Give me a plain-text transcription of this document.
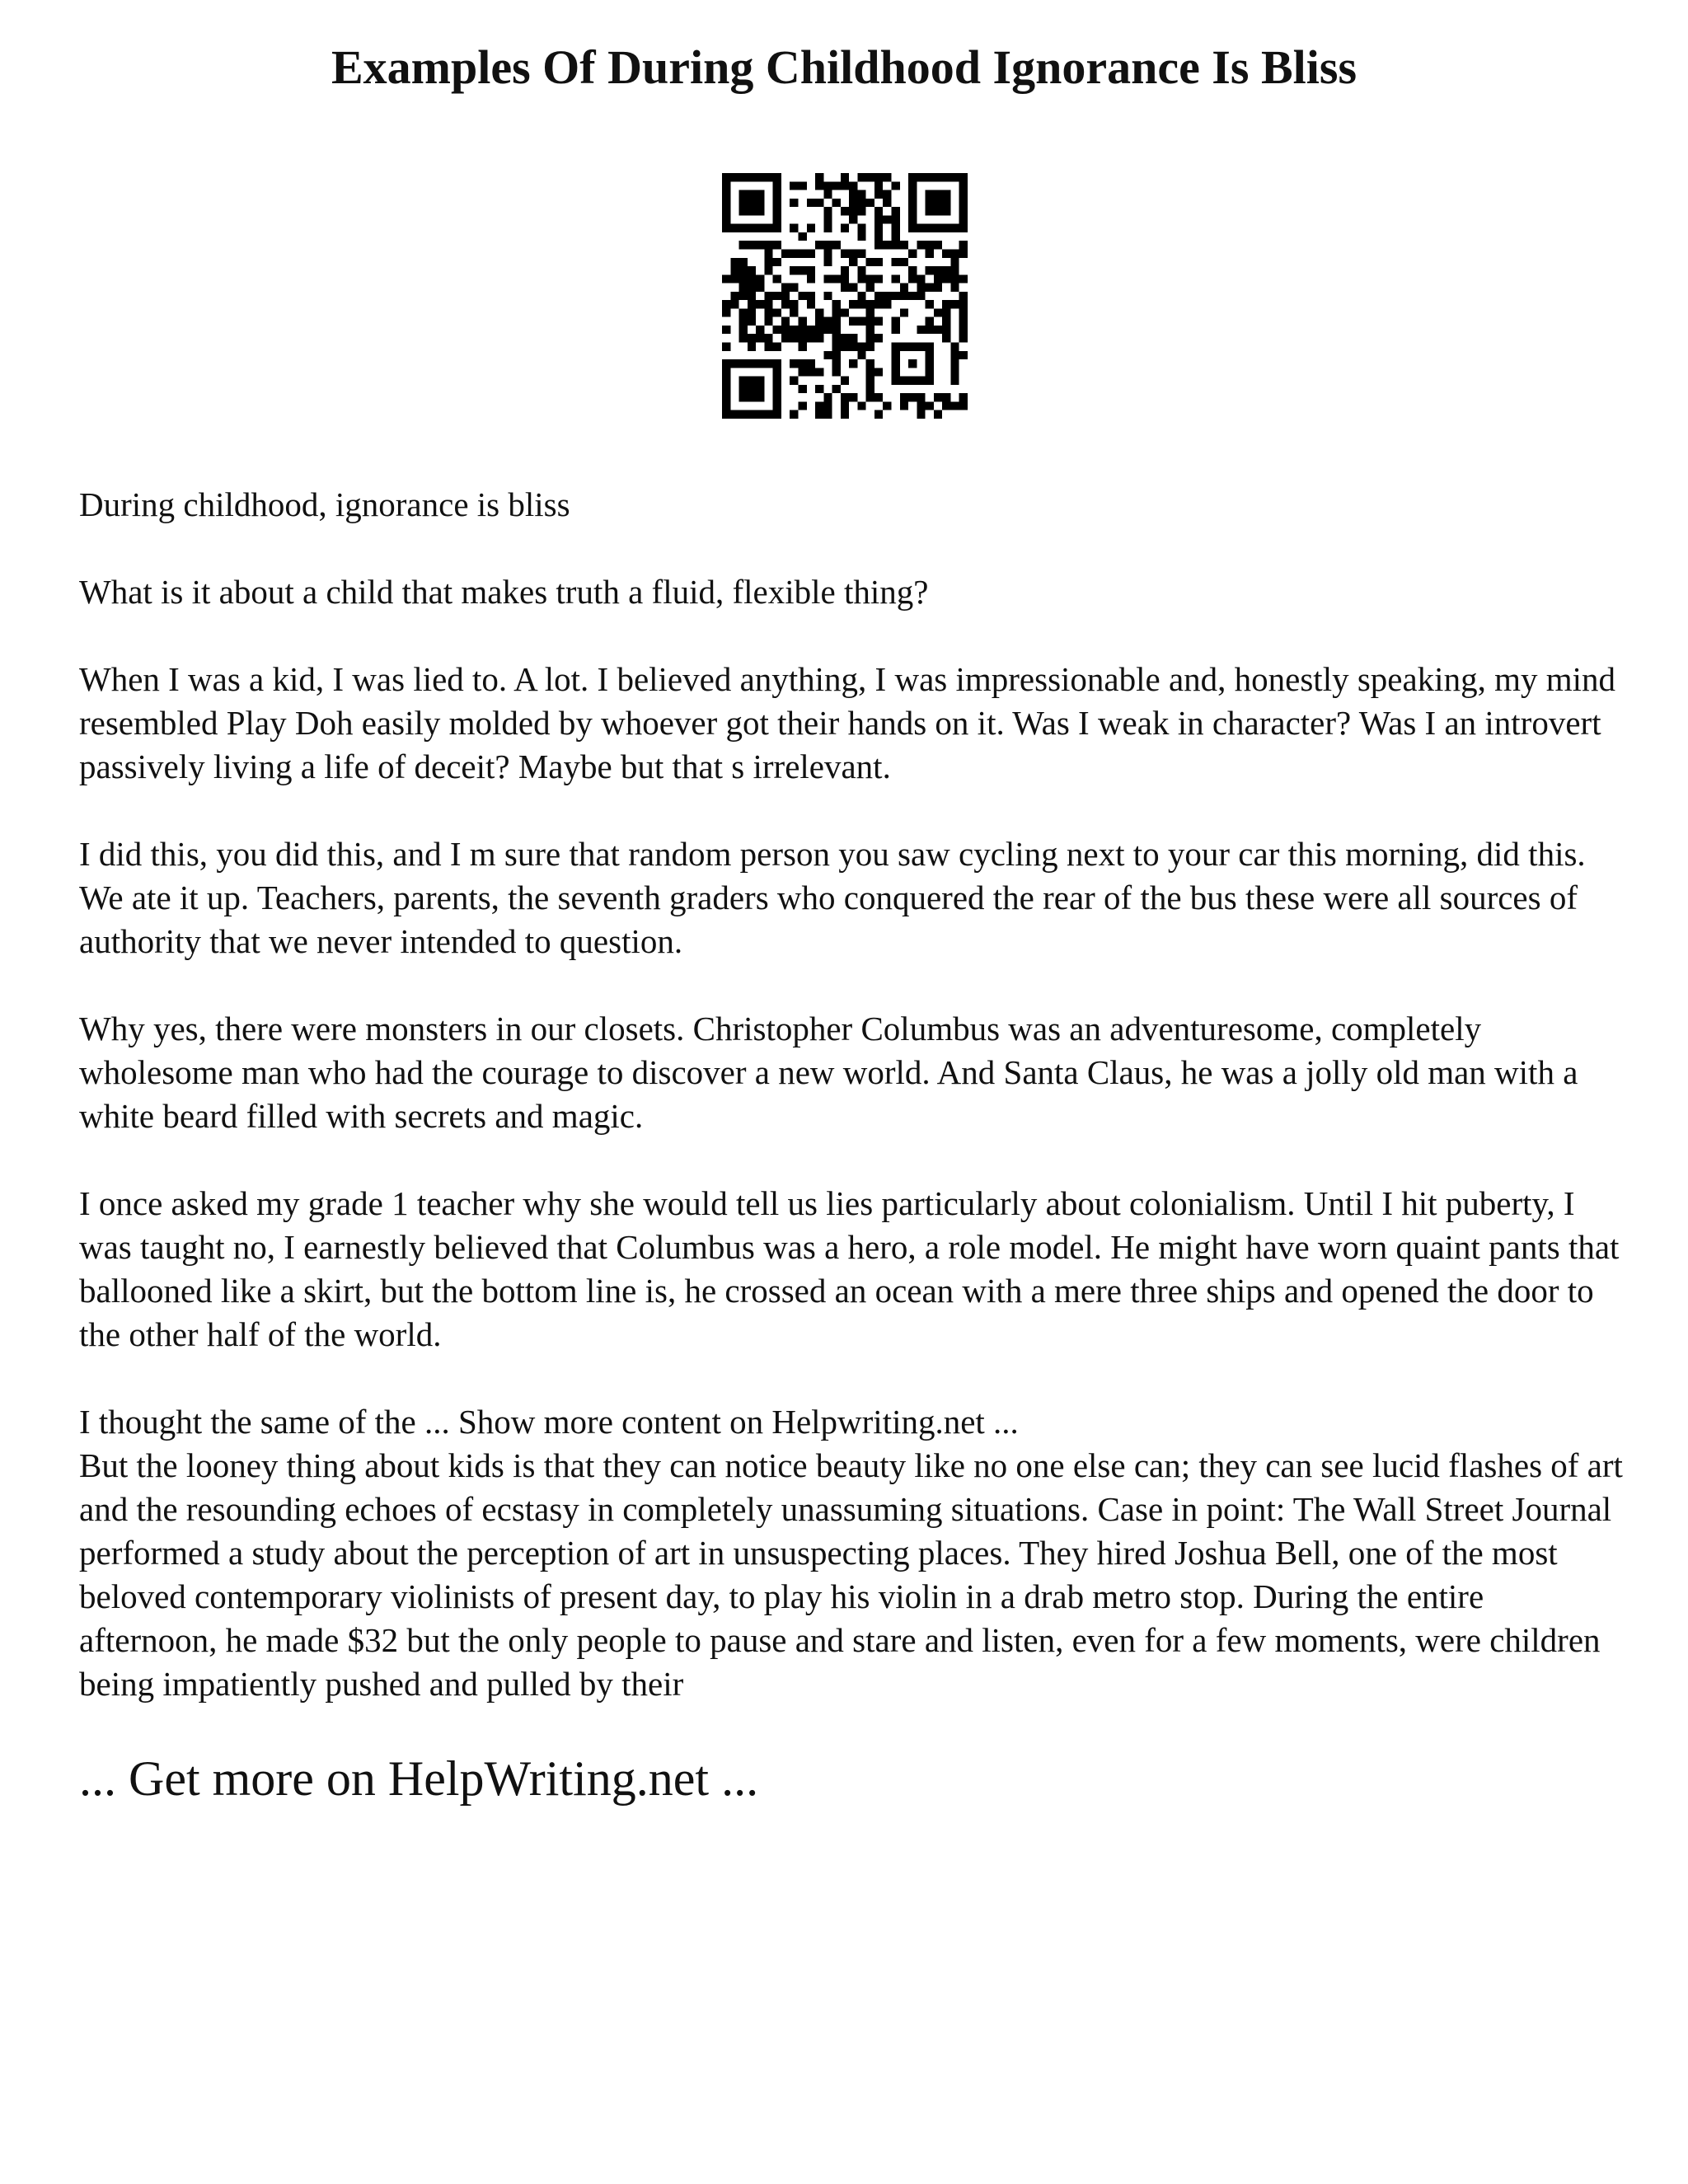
Examples Of During Childhood Ignorance Is Bliss

During childhood, ignorance is bliss

What is it about a child that makes truth a fluid, flexible thing?

When I was a kid, I was lied to. A lot. I believed anything, I was impressionable and, honestly speaking, my mind resembled Play Doh easily molded by whoever got their hands on it. Was I weak in character? Was I an introvert passively living a life of deceit? Maybe but that s irrelevant.

I did this, you did this, and I m sure that random person you saw cycling next to your car this morning, did this. We ate it up. Teachers, parents, the seventh graders who conquered the rear of the bus these were all sources of authority that we never intended to question.

Why yes, there were monsters in our closets. Christopher Columbus was an adventuresome, completely wholesome man who had the courage to discover a new world. And Santa Claus, he was a jolly old man with a white beard filled with secrets and magic.

I once asked my grade 1 teacher why she would tell us lies particularly about colonialism. Until I hit puberty, I was taught no, I earnestly believed that Columbus was a hero, a role model. He might have worn quaint pants that ballooned like a skirt, but the bottom line is, he crossed an ocean with a mere three ships and opened the door to the other half of the world.

I thought the same of the ... Show more content on Helpwriting.net ...

But the looney thing about kids is that they can notice beauty like no one else can; they can see lucid flashes of art and the resounding echoes of ecstasy in completely unassuming situations. Case in point: The Wall Street Journal performed a study about the perception of art in unsuspecting places. They hired Joshua Bell, one of the most beloved contemporary violinists of present day, to play his violin in a drab metro stop. During the entire afternoon, he made $32 but the only people to pause and stare and listen, even for a few moments, were children being impatiently pushed and pulled by their

... Get more on HelpWriting.net ...
